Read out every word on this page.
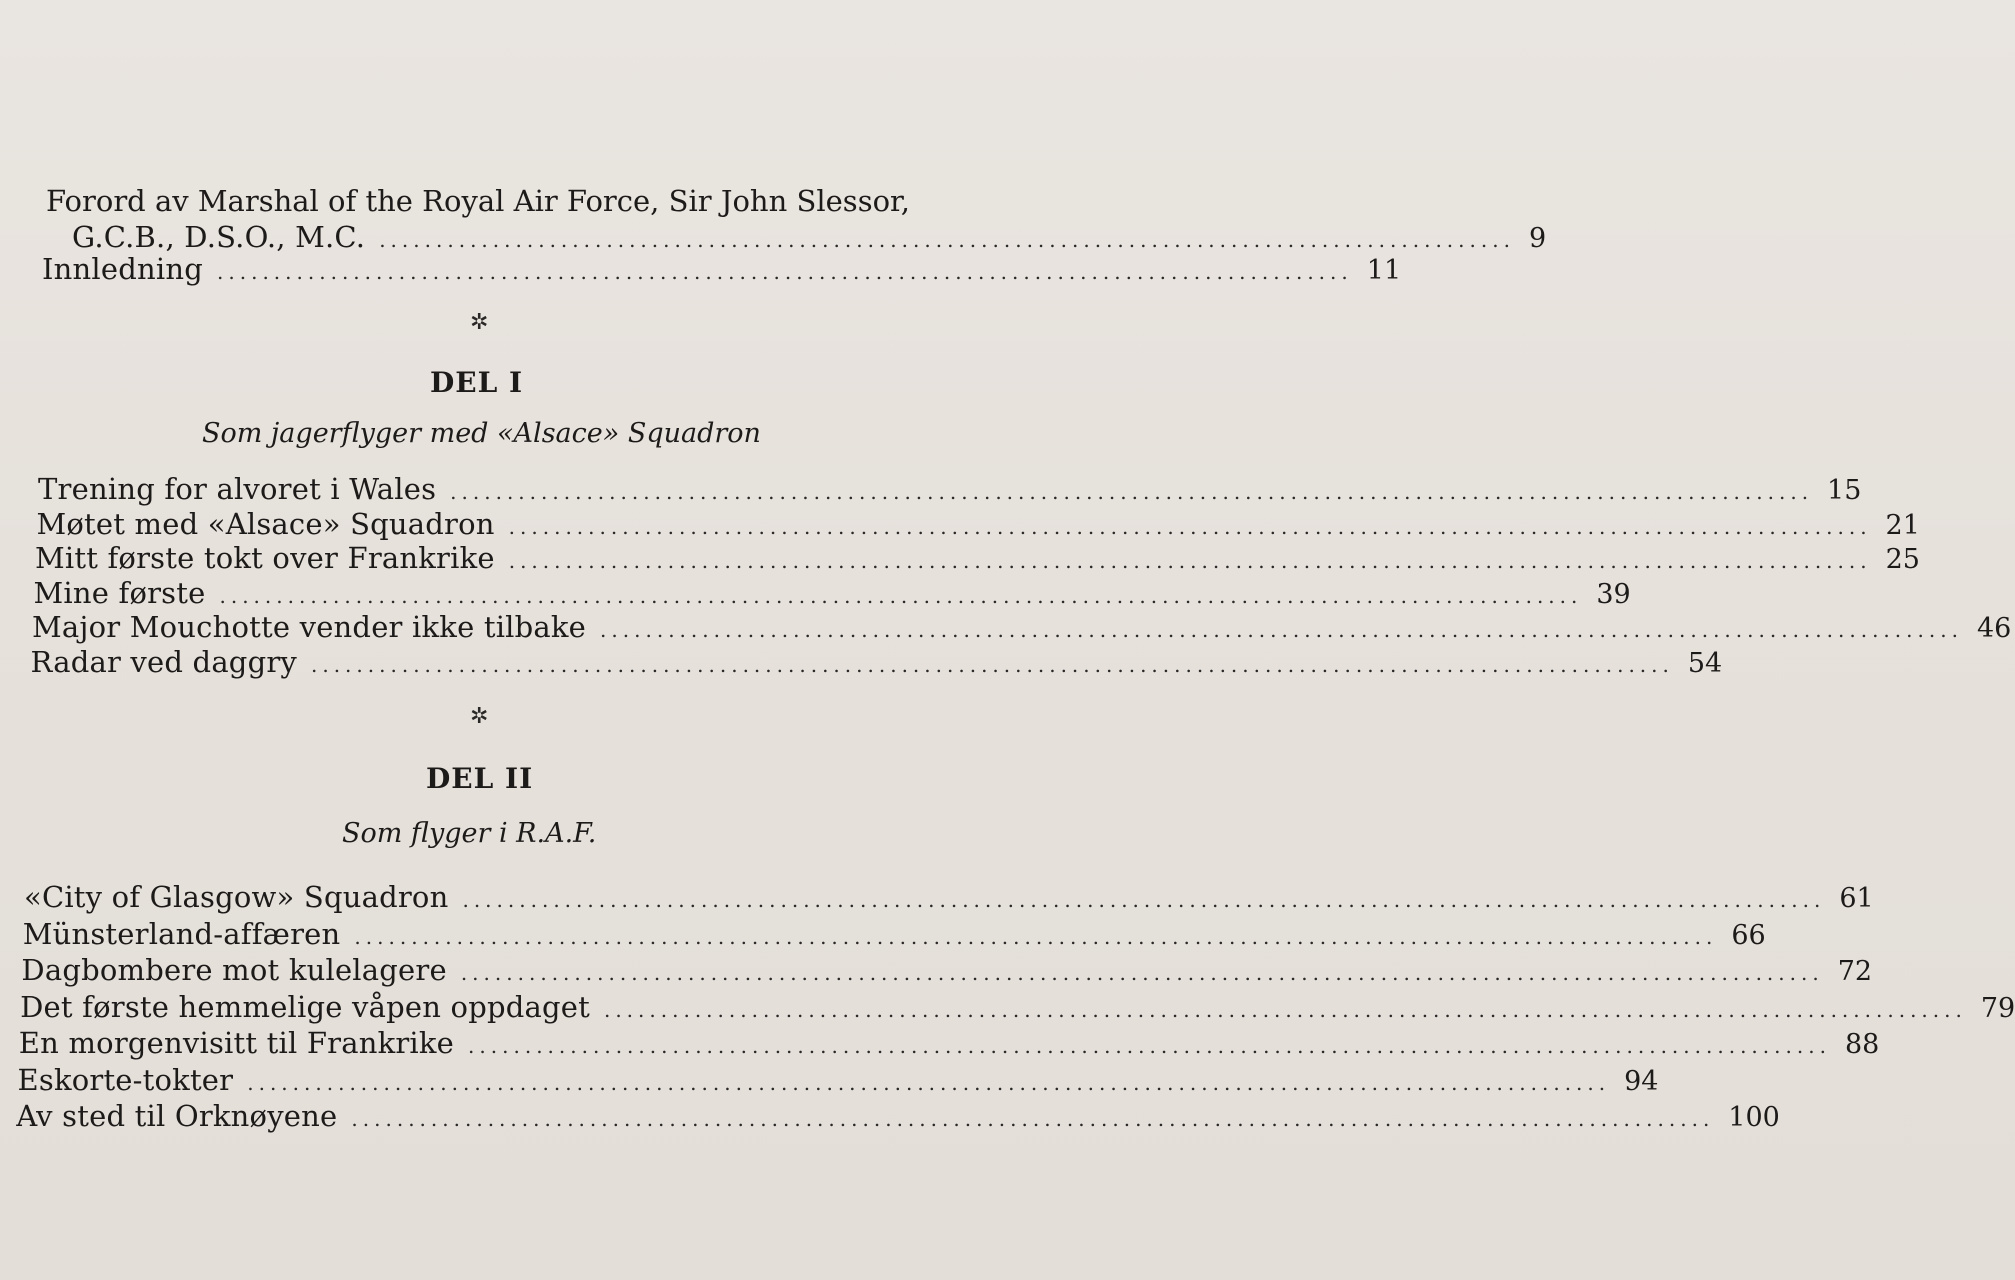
Forord av Marshal of the Royal Air Force, Sir John Slessor,
G.C.B., D.S.O., M.C. .................................................................................................... 9
Innledning .................................................................................................... 11
✲
DEL I
Som jagerflyger med «Alsace» Squadron
Trening for alvoret i Wales ........................................................................................................................ 15
Møtet med «Alsace» Squadron ........................................................................................................................ 21
Mitt første tokt over Frankrike ........................................................................................................................ 25
Mine første ........................................................................................................................ 39
Major Mouchotte vender ikke tilbake ........................................................................................................................ 46
Radar ved daggry ........................................................................................................................ 54
✲
DEL II
Som flyger i R.A.F.
«City of Glasgow» Squadron ........................................................................................................................ 61
Münsterland-affæren ........................................................................................................................ 66
Dagbombere mot kulelagere ........................................................................................................................ 72
Det første hemmelige våpen oppdaget ........................................................................................................................ 79
En morgenvisitt til Frankrike ........................................................................................................................ 88
Eskorte-tokter ........................................................................................................................ 94
Av sted til Orknøyene ........................................................................................................................ 100
